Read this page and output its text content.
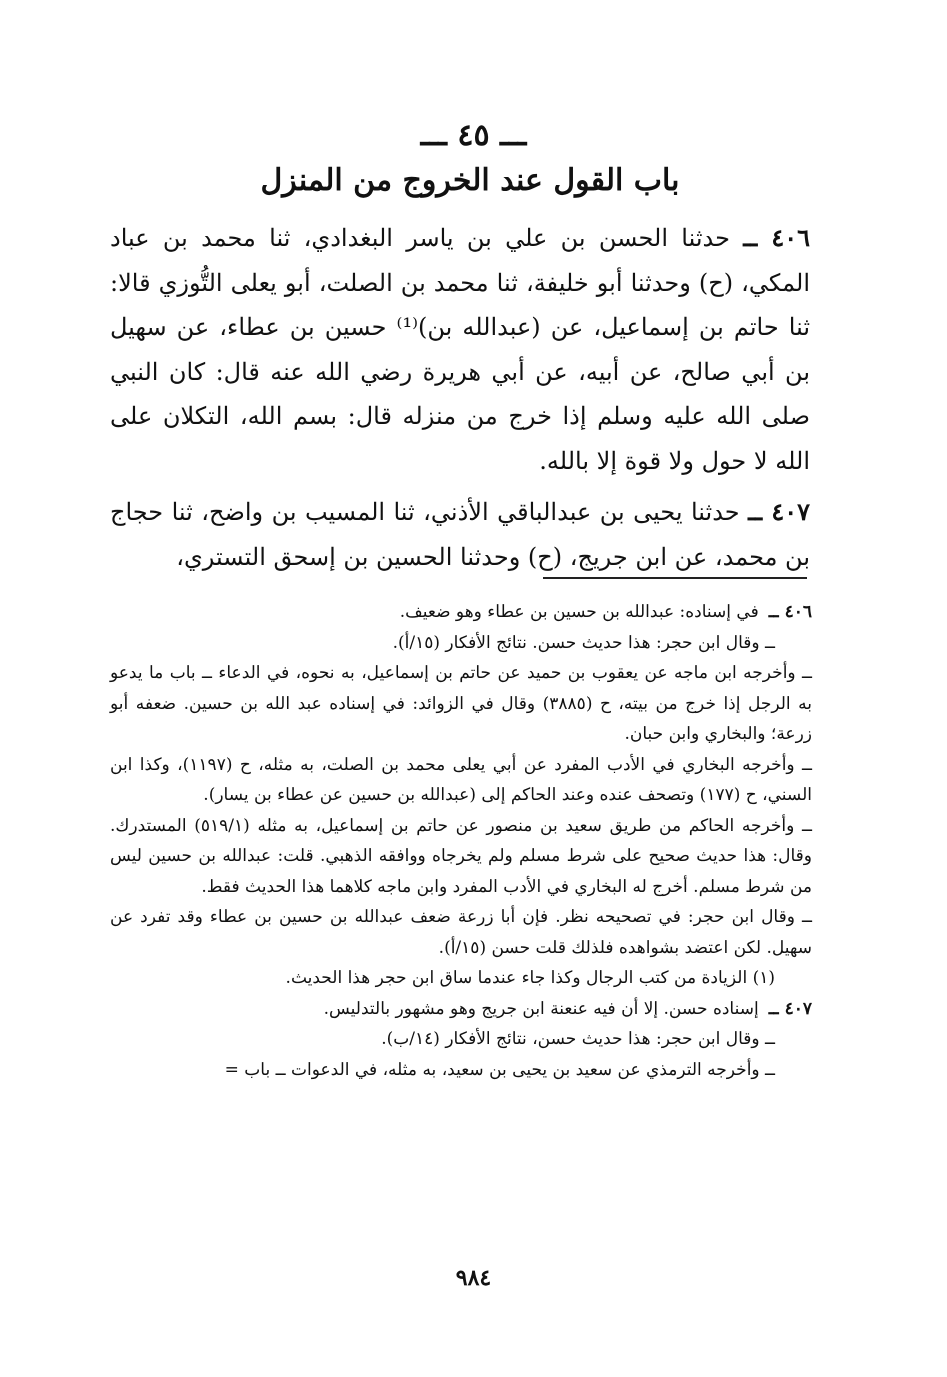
ـــ ٤٥ ـــ
باب القول عند الخروج من المنزل

٤٠٦ ــ حدثنا الحسن بن علي بن ياسر البغدادي، ثنا محمد بن عباد المكي، (ح) وحدثنا أبو خليفة، ثنا محمد بن الصلت، أبو يعلى التُّوزي قالا: ثنا حاتم بن إسماعيل، عن (عبدالله بن)⁽¹⁾ حسين بن عطاء، عن سهيل بن أبي صالح، عن أبيه، عن أبي هريرة رضي الله عنه قال: كان النبي صلى الله عليه وسلم إذا خرج من منزله قال: بسم الله، التكلان على الله لا حول ولا قوة إلا بالله.

٤٠٧ ــ حدثنا يحيى بن عبدالباقي الأذني، ثنا المسيب بن واضح، ثنا حجاج بن محمد، عن ابن جريج، (ح) وحدثنا الحسين بن إسحق التستري،

٤٠٦ ــ
في إسناده: عبدالله بن حسين بن عطاء وهو ضعيف.
ــ وقال ابن حجر: هذا حديث حسن. نتائج الأفكار (١٥/أ).
ــ وأخرجه ابن ماجه عن يعقوب بن حميد عن حاتم بن إسماعيل، به نحوه، في الدعاء ــ باب ما يدعو به الرجل إذا خرج من بيته، ح (٣٨٨٥) وقال في الزوائد: في إسناده عبد الله بن حسين. ضعفه أبو زرعة؛ والبخاري وابن حبان.
ــ وأخرجه البخاري في الأدب المفرد عن أبي يعلى محمد بن الصلت، به مثله، ح (١١٩٧)، وكذا ابن السني، ح (١٧٧) وتصحف عنده وعند الحاكم إلى (عبدالله بن حسين عن عطاء بن يسار).
ــ وأخرجه الحاكم من طريق سعيد بن منصور عن حاتم بن إسماعيل، به مثله (٥١٩/١) المستدرك. وقال: هذا حديث صحيح على شرط مسلم ولم يخرجاه ووافقه الذهبي. قلت: عبدالله بن حسين ليس من شرط مسلم. أخرج له البخاري في الأدب المفرد وابن ماجه كلاهما هذا الحديث فقط.
ــ وقال ابن حجر: في تصحيحه نظر. فإن أبا زرعة ضعف عبدالله بن حسين بن عطاء وقد تفرد عن سهيل. لكن اعتضد بشواهده فلذلك قلت حسن (١٥/أ).
(١) الزيادة من كتب الرجال وكذا جاء عندما ساق ابن حجر هذا الحديث.
٤٠٧ ــ
إسناده حسن. إلا أن فيه عنعنة ابن جريج وهو مشهور بالتدليس.
ــ وقال ابن حجر: هذا حديث حسن، نتائج الأفكار (١٤/ب).
ــ وأخرجه الترمذي عن سعيد بن يحيى بن سعيد، به مثله، في الدعوات ــ باب =
٩٨٤
